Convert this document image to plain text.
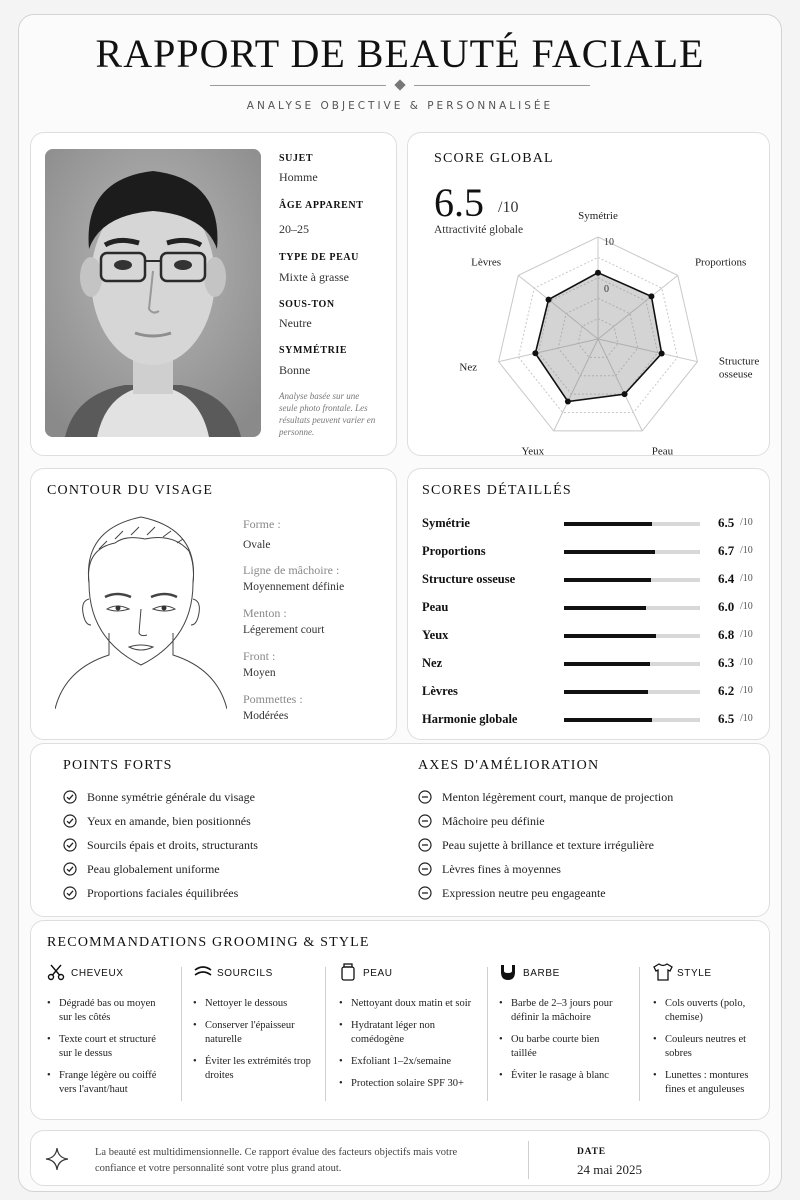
RAPPORT DE BEAUTÉ FACIALE
ANALYSE OBJECTIVE & PERSONNALISÉE
SUJET
Homme
ÂGE APPARENT
20–25
TYPE DE PEAU
Mixte à grasse
SOUS-TON
Neutre
SYMMÉTRIE
Bonne
Analyse basée sur une seule photo frontale. Les résultats peuvent varier en personne.
SCORE GLOBAL
6.5 /10
Attractivité globale
10
0
Symétrie
Proportions
Structure osseuse
Peau
Yeux
Nez
Lèvres
CONTOUR DU VISAGE
Forme :
Ovale
Ligne de mâchoire :
Moyennement définie
Menton :
Légerement court
Front :
Moyen
Pommettes :
Modérées
SCORES DÉTAILLÉS
Symétrie	6.5 /10
Proportions	6.7 /10
Structure osseuse	6.4 /10
Peau	6.0 /10
Yeux	6.8 /10
Nez	6.3 /10
Lèvres	6.2 /10
Harmonie globale	6.5 /10
POINTS FORTS	AXES D'AMÉLIORATION
Bonne symétrie générale du visage
Yeux en amande, bien positionnés
Sourcils épais et droits, structurants
Peau globalement uniforme
Proportions faciales équilibrées
Menton légèrement court, manque de projection
Mâchoire peu définie
Peau sujette à brillance et texture irrégulière
Lèvres fines à moyennes
Expression neutre peu engageante
RECOMMANDATIONS GROOMING & STYLE
CHEVEUX
• Dégradé bas ou moyen sur les côtés
• Texte court et structuré sur le dessus
• Frange légère ou coiffé vers l'avant/haut
SOURCILS
• Nettoyer le dessous
• Conserver l'épaisseur naturelle
• Éviter les extrémités trop droites
PEAU
• Nettoyant doux matin et soir
• Hydratant léger non comédogène
• Exfoliant 1–2x/semaine
• Protection solaire SPF 30+
BARBE
• Barbe de 2–3 jours pour définir la mâchoire
• Ou barbe courte bien taillée
• Éviter le rasage à blanc
STYLE
• Cols ouverts (polo, chemise)
• Couleurs neutres et sobres
• Lunettes : montures fines et anguleuses
La beauté est multidimensionnelle. Ce rapport évalue des facteurs objectifs mais votre confiance et votre personnalité sont votre plus grand atout.
DATE
24 mai 2025
